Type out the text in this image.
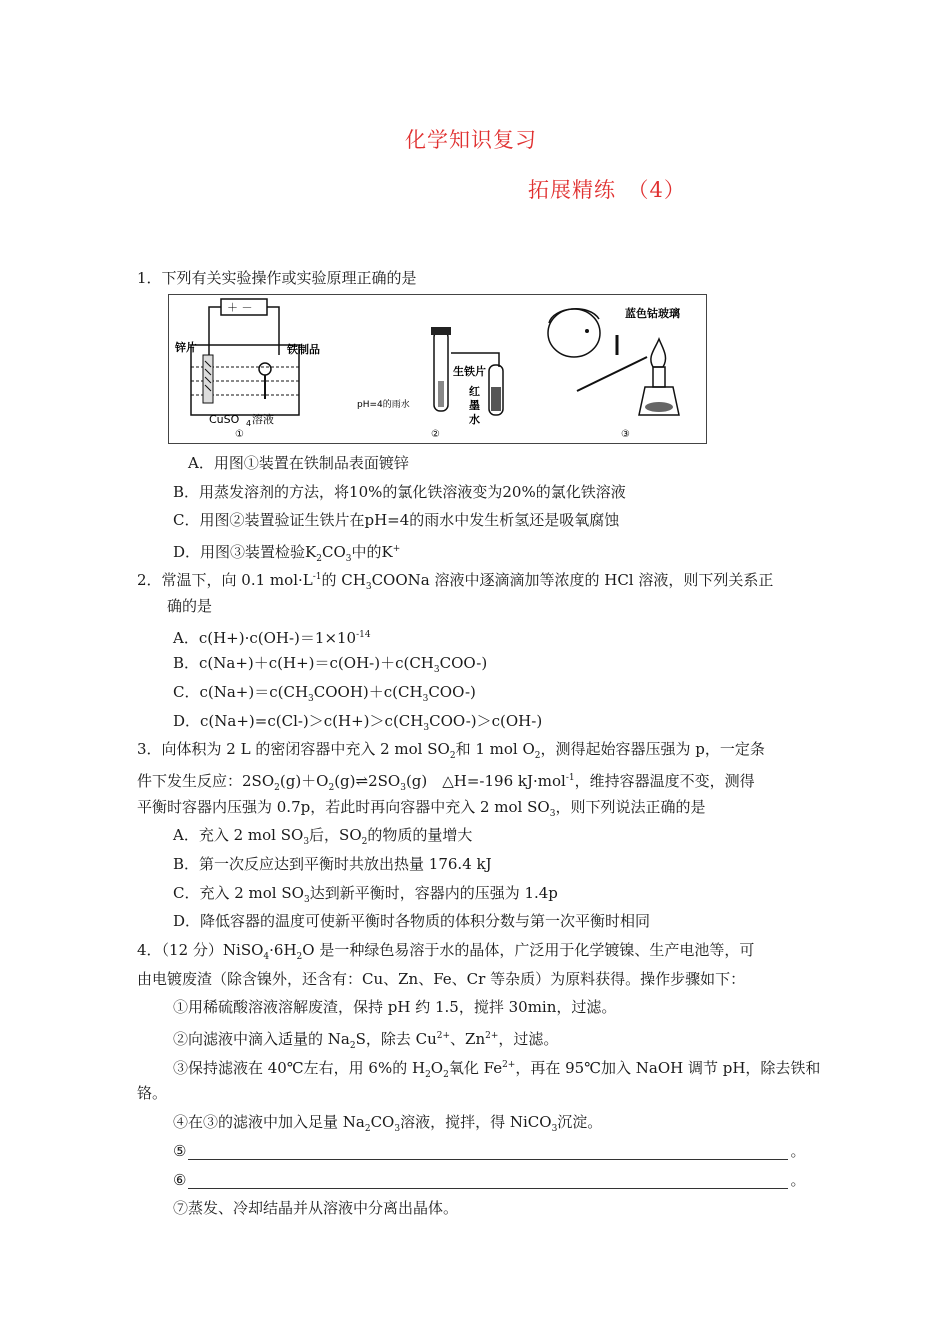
化学知识复习
拓展精练　（4）
1．下列有关实验操作或实验原理正确的是
＋ －
锌片	铁制品
CuSO 4 溶液
①
pH=4的雨水
生铁片
红
墨
水
②
蓝色钴玻璃
③
A．用图①装置在铁制品表面镀锌
B．用蒸发溶剂的方法，将10%的氯化铁溶液变为20%的氯化铁溶液
C．用图②装置验证生铁片在pH=4的雨水中发生析氢还是吸氧腐蚀
D．用图③装置检验$K_2CO_3$中的K+
2．常温下，向 0.1 $mol\cdot L^{-1}$的 $CH_3COONa$ 溶液中逐滴滴加等浓度的 HCl 溶液，则下列关系正
确的是
A．$c(H+)\cdot c(OH-)=1\times 10^{-14}$
B．$c(Na+)+c(H+)=c(OH-)+c(CH_3COO-)$
C．$c(Na+)=c(CH_3COOH)+c(CH_3COO-)$
D．$c(Na+)=c(Cl-)>c(H+)>c(CH_3COO-)>c(OH-)$
3．向体积为 2 L 的密闭容器中充入 2 mol $SO_2$和 1 mol $O_2$，测得起始容器压强为 p，一定条
件下发生反应：$2SO_2(g)+O_2(g)\rightleftharpoons 2SO_3(g)$　△H=-196 kJ·mol$^{-1}$，维持容器温度不变，测得
平衡时容器内压强为 0.7p，若此时再向容器中充入 2 mol $SO_3$，则下列说法正确的是
A．充入 2 mol $SO_3$后，$SO_2$的物质的量增大
B．第一次反应达到平衡时共放出热量 176.4 kJ
C．充入 2 mol $SO_3$达到新平衡时，容器内的压强为 1.4p
D．降低容器的温度可使新平衡时各物质的体积分数与第一次平衡时相同
4．（12 分）$NiSO_4\cdot 6H_2O$ 是一种绿色易溶于水的晶体，广泛用于化学镀镍、生产电池等，可
由电镀废渣（除含镍外，还含有：Cu、Zn、Fe、Cr 等杂质）为原料获得。操作步骤如下：
①用稀硫酸溶液溶解废渣，保持 pH 约 1.5，搅拌 30min，过滤。
②向滤液中滴入适量的 $Na_2S$，除去 $Cu^{2+}$、$Zn^{2+}$，过滤。
③保持滤液在 40℃左右，用 6%的 $H_2O_2$氧化 $Fe^{2+}$，再在 95℃加入 NaOH 调节 pH，除去铁和
铬。
④在③的滤液中加入足量 $Na_2CO_3$溶液，搅拌，得 NiCO$_3$沉淀。
⑤	。
⑥	。
⑦蒸发、冷却结晶并从溶液中分离出晶体。
